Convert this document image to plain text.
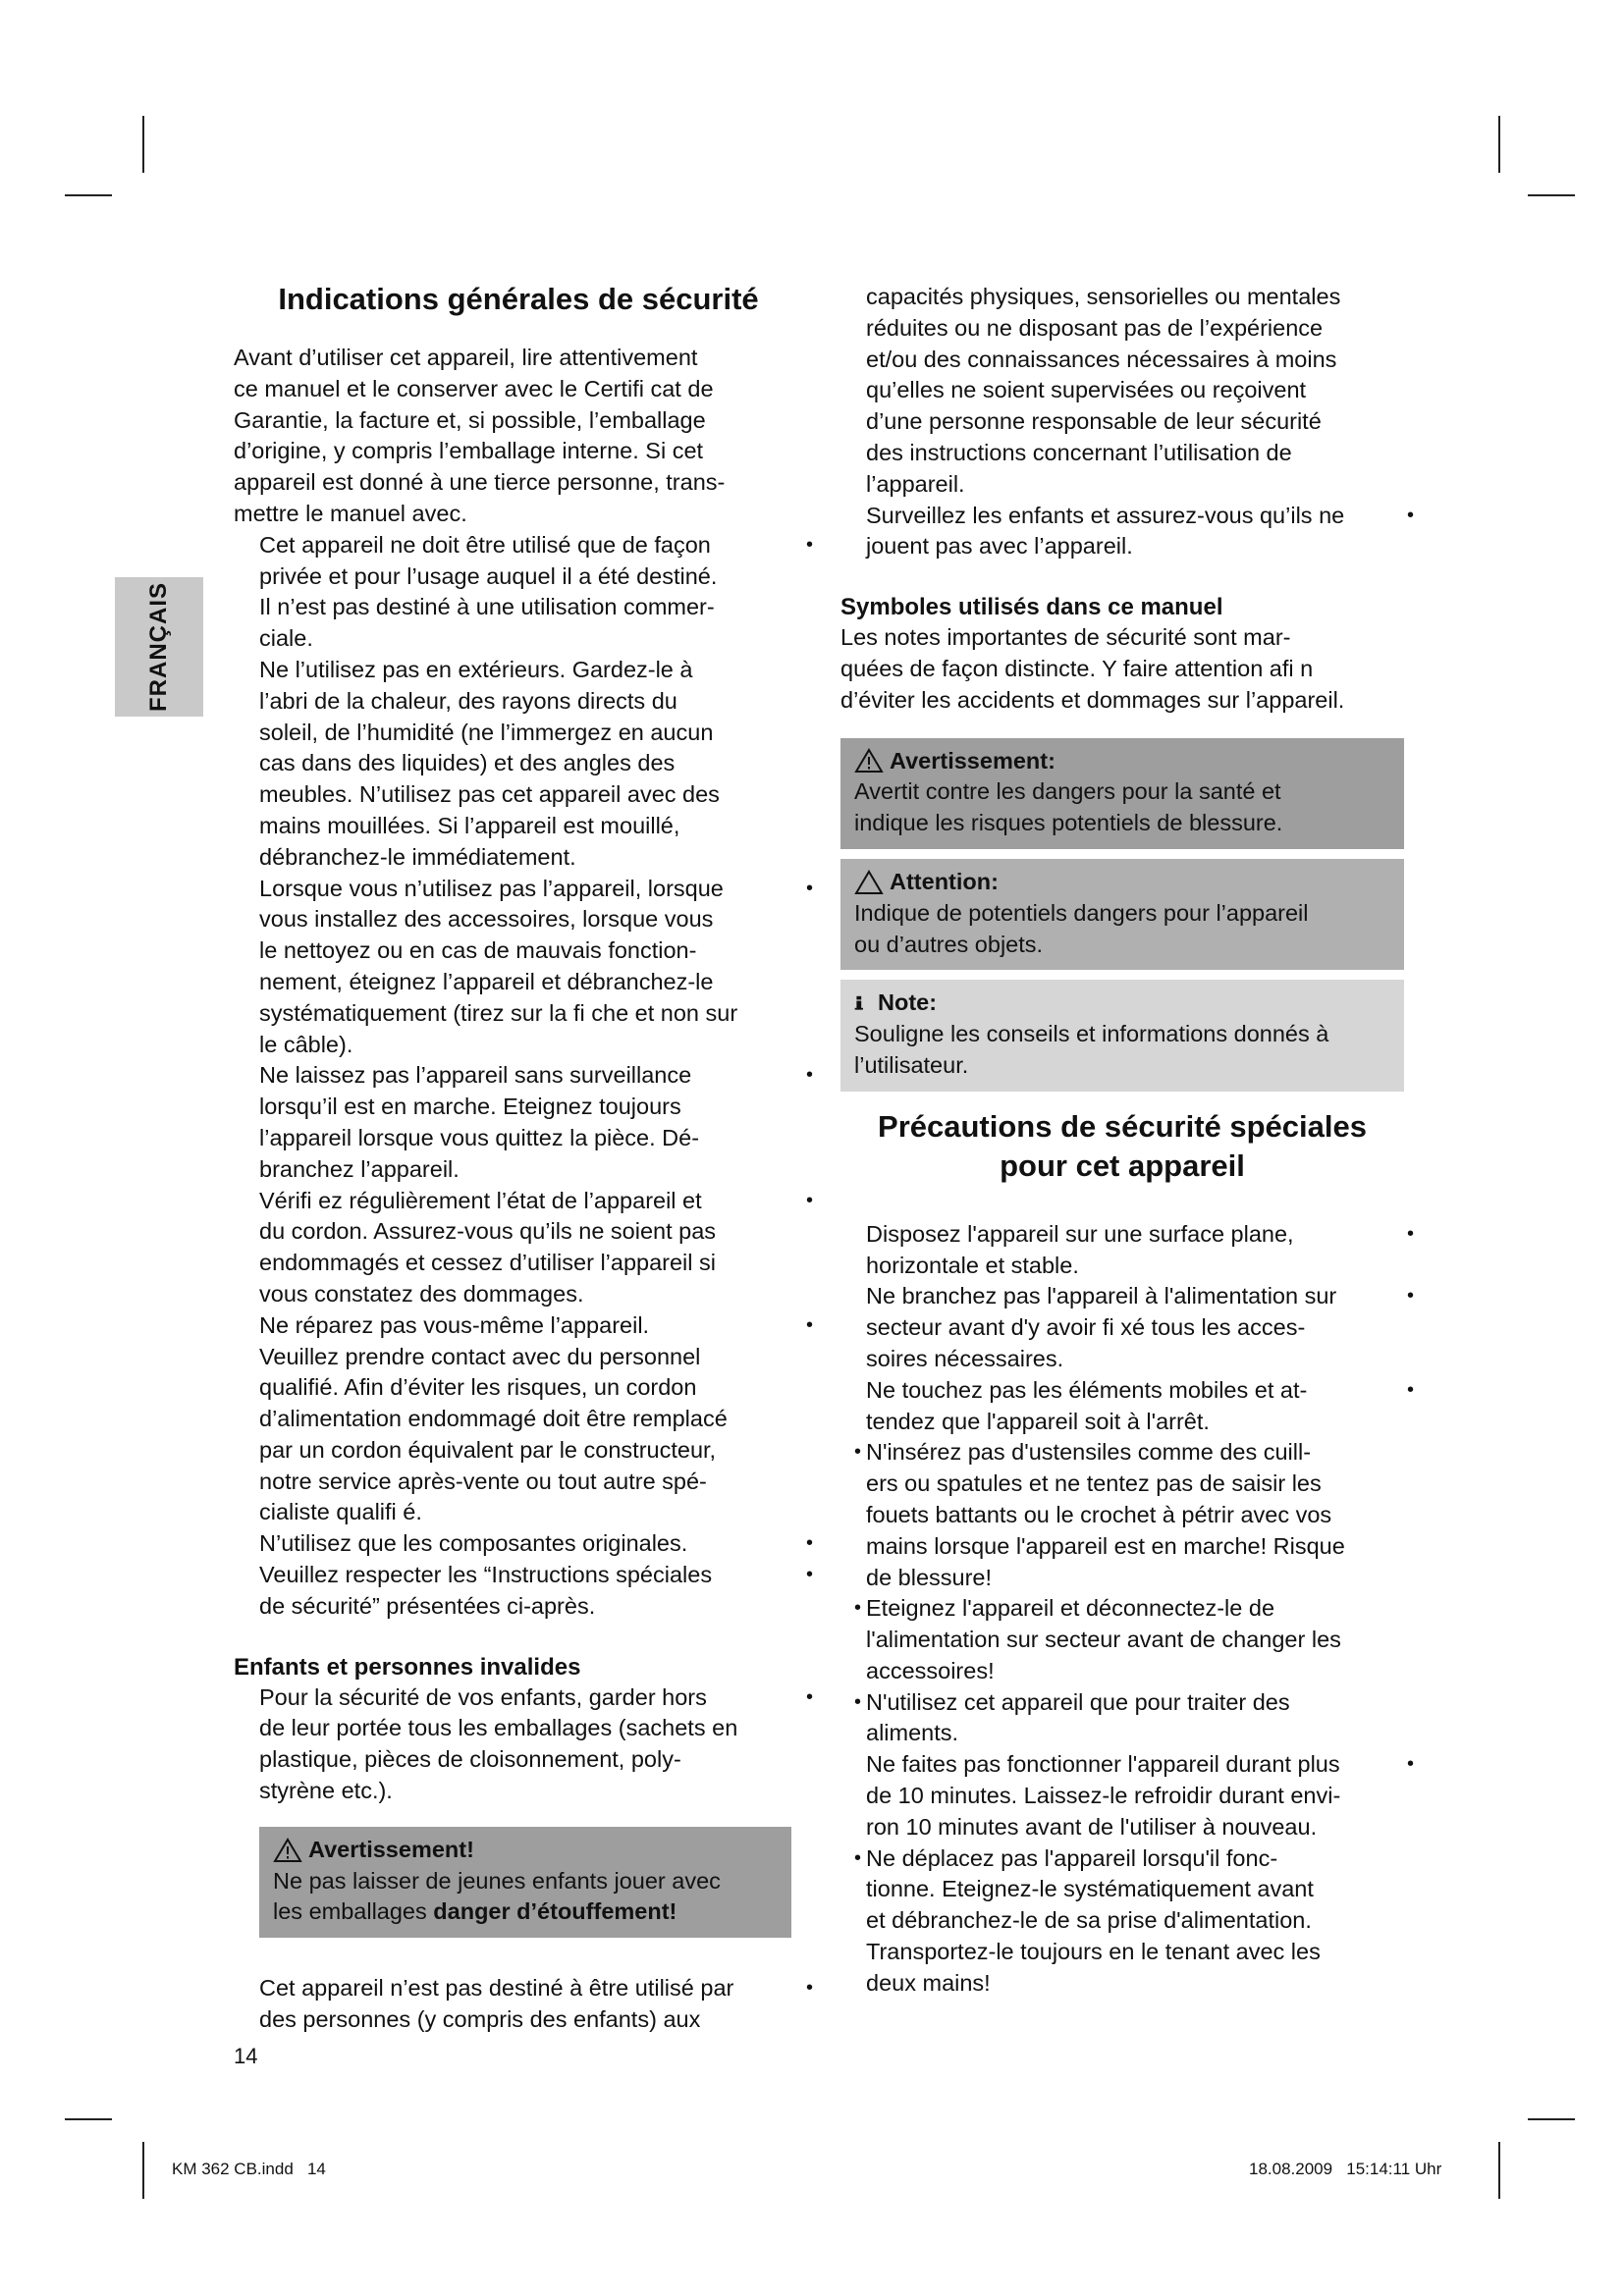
FRANÇAIS
Indications générales de sécurité
Avant d’utiliser cet appareil, lire attentivement
ce manuel et le conserver avec le Certifi cat de
Garantie, la facture et, si possible, l’emballage
d’origine, y compris l’emballage interne. Si cet
appareil est donné à une tierce personne, trans-
mettre le manuel avec.
•
Cet appareil ne doit être utilisé que de façon
privée et pour l’usage auquel il a été destiné.
Il n’est pas destiné à une utilisation commer-
ciale.
Ne l’utilisez pas en extérieurs. Gardez-le à
l’abri de la chaleur, des rayons directs du
soleil, de l’humidité (ne l’immergez en aucun
cas dans des liquides) et des angles des
meubles. N’utilisez pas cet appareil avec des
mains mouillées. Si l’appareil est mouillé,
débranchez-le immédiatement.
•
Lorsque vous n’utilisez pas l’appareil, lorsque
vous installez des accessoires, lorsque vous
le nettoyez ou en cas de mauvais fonction-
nement, éteignez l’appareil et débranchez-le
systématiquement (tirez sur la fi che et non sur
le câble).
•
Ne laissez pas l’appareil sans surveillance
lorsqu’il est en marche. Eteignez toujours
l’appareil lorsque vous quittez la pièce. Dé-
branchez l’appareil.
•
Vérifi ez régulièrement l’état de l’appareil et
du cordon. Assurez-vous qu’ils ne soient pas
endommagés et cessez d’utiliser l’appareil si
vous constatez des dommages.
•
Ne réparez pas vous-même l’appareil.
Veuillez prendre contact avec du personnel
qualifié. Afin d’éviter les risques, un cordon
d’alimentation endommagé doit être remplacé
par un cordon équivalent par le constructeur,
notre service après-vente ou tout autre spé-
cialiste qualifi é.
•
N’utilisez que les composantes originales.
•
Veuillez respecter les “Instructions spéciales
de sécurité” présentées ci-après.
Enfants et personnes invalides
•
Pour la sécurité de vos enfants, garder hors
de leur portée tous les emballages (sachets en
plastique, pièces de cloisonnement, poly-
styrène etc.).
Avertissement!
Ne pas laisser de jeunes enfants jouer avec
les emballages danger d’étouffement!
•
Cet appareil n’est pas destiné à être utilisé par
des personnes (y compris des enfants) aux
14
capacités physiques, sensorielles ou mentales
réduites ou ne disposant pas de l’expérience
et/ou des connaissances nécessaires à moins
qu’elles ne soient supervisées ou reçoivent
d’une personne responsable de leur sécurité
des instructions concernant l’utilisation de
l’appareil.
•
Surveillez les enfants et assurez-vous qu’ils ne
jouent pas avec l’appareil.
Symboles utilisés dans ce manuel
Les notes importantes de sécurité sont mar-
quées de façon distincte. Y faire attention afi n
d’éviter les accidents et dommages sur l’appareil.
Avertissement:
Avertit contre les dangers pour la santé et
indique les risques potentiels de blessure.
Attention:
Indique de potentiels dangers pour l’appareil
ou d’autres objets.
Note:
Souligne les conseils et informations donnés à
l’utilisateur.
Précautions de sécurité spéciales
pour cet appareil
•
Disposez l'appareil sur une surface plane,
horizontale et stable.
•
Ne branchez pas l'appareil à l'alimentation sur
secteur avant d'y avoir fi xé tous les acces-
soires nécessaires.
•
Ne touchez pas les éléments mobiles et at-
tendez que l'appareil soit à l'arrêt.
• N'insérez pas d'ustensiles comme des cuill-
ers ou spatules et ne tentez pas de saisir les
fouets battants ou le crochet à pétrir avec vos
mains lorsque l'appareil est en marche! Risque
de blessure!
• Eteignez l'appareil et déconnectez-le de
l'alimentation sur secteur avant de changer les
accessoires!
• N'utilisez cet appareil que pour traiter des
aliments.
•
Ne faites pas fonctionner l'appareil durant plus
de 10 minutes. Laissez-le refroidir durant envi-
ron 10 minutes avant de l'utiliser à nouveau.
• Ne déplacez pas l'appareil lorsqu'il fonc-
tionne. Eteignez-le systématiquement avant
et débranchez-le de sa prise d'alimentation.
Transportez-le toujours en le tenant avec les
deux mains!
KM 362 CB.indd   14	18.08.2009   15:14:11 Uhr
